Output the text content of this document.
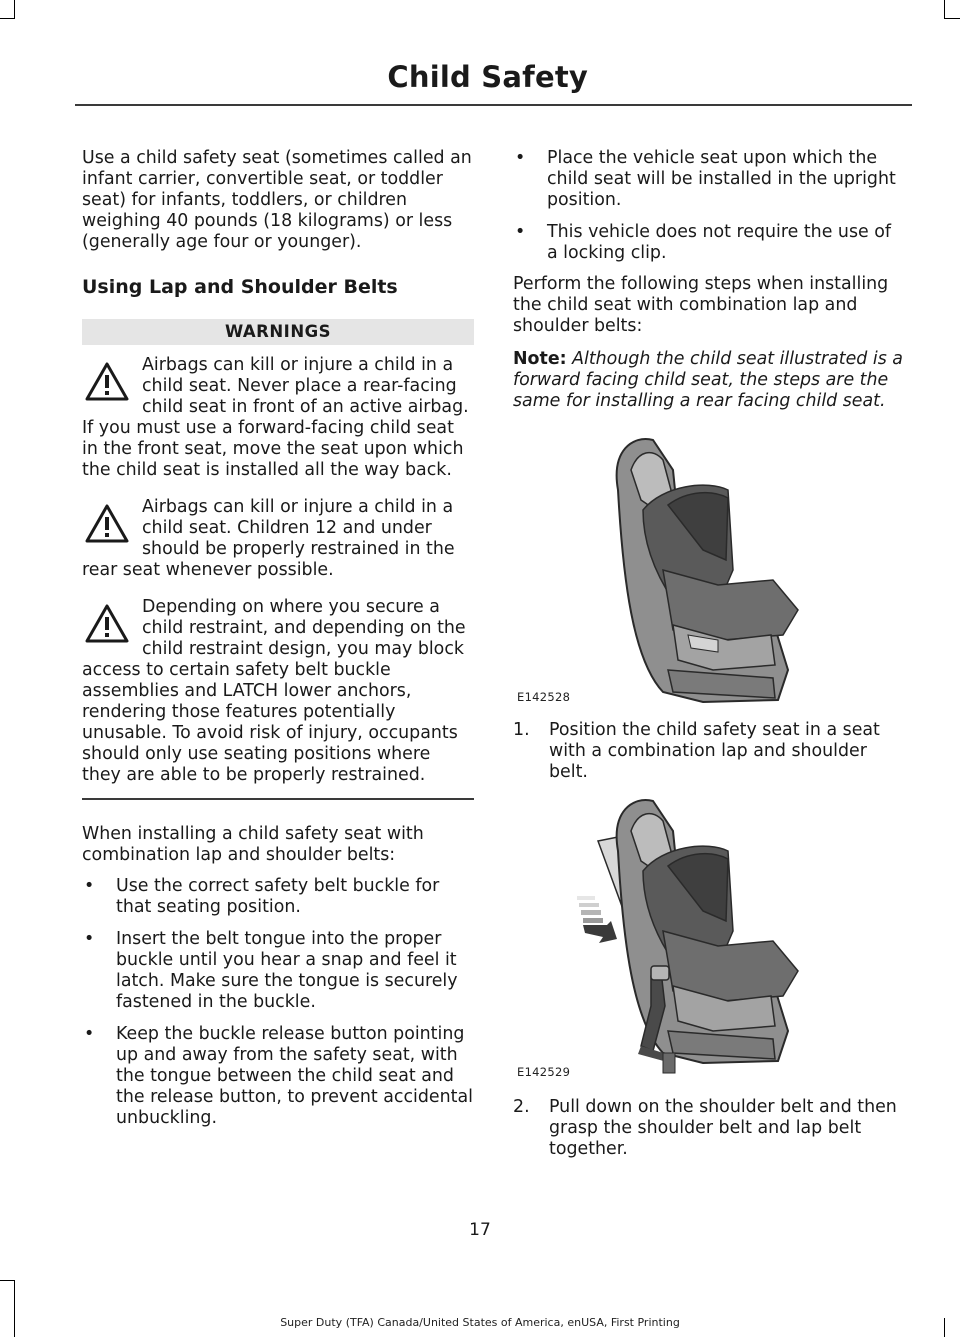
Child Safety

Use a child safety seat (sometimes called an infant carrier, convertible seat, or toddler seat) for infants, toddlers, or children weighing 40 pounds (18 kilograms) or less (generally age four or younger).

Using Lap and Shoulder Belts
WARNINGS
Airbags can kill or injure a child in a child seat. Never place a rear-facing child seat in front of an active airbag. If you must use a forward-facing child seat in the front seat, move the seat upon which the child seat is installed all the way back.
Airbags can kill or injure a child in a child seat. Children 12 and under should be properly restrained in the rear seat whenever possible.
Depending on where you secure a child restraint, and depending on the child restraint design, you may block access to certain safety belt buckle assemblies and LATCH lower anchors, rendering those features potentially unusable. To avoid risk of injury, occupants should only use seating positions where they are able to be properly restrained.

When installing a child safety seat with combination lap and shoulder belts:

• Use the correct safety belt buckle for that seating position.
• Insert the belt tongue into the proper buckle until you hear a snap and feel it latch. Make sure the tongue is securely fastened in the buckle.
• Keep the buckle release button pointing up and away from the safety seat, with the tongue between the child seat and the release button, to prevent accidental unbuckling.
• Place the vehicle seat upon which the child seat will be installed in the upright position.
• This vehicle does not require the use of a locking clip.

Perform the following steps when installing the child seat with combination lap and shoulder belts:

Note: Although the child seat illustrated is a forward facing child seat, the steps are the same for installing a rear facing child seat.

E142528
1. Position the child safety seat in a seat with a combination lap and shoulder belt.
E142529
2. Pull down on the shoulder belt and then grasp the shoulder belt and lap belt together.
17
Super Duty (TFA) Canada/United States of America, enUSA, First Printing
